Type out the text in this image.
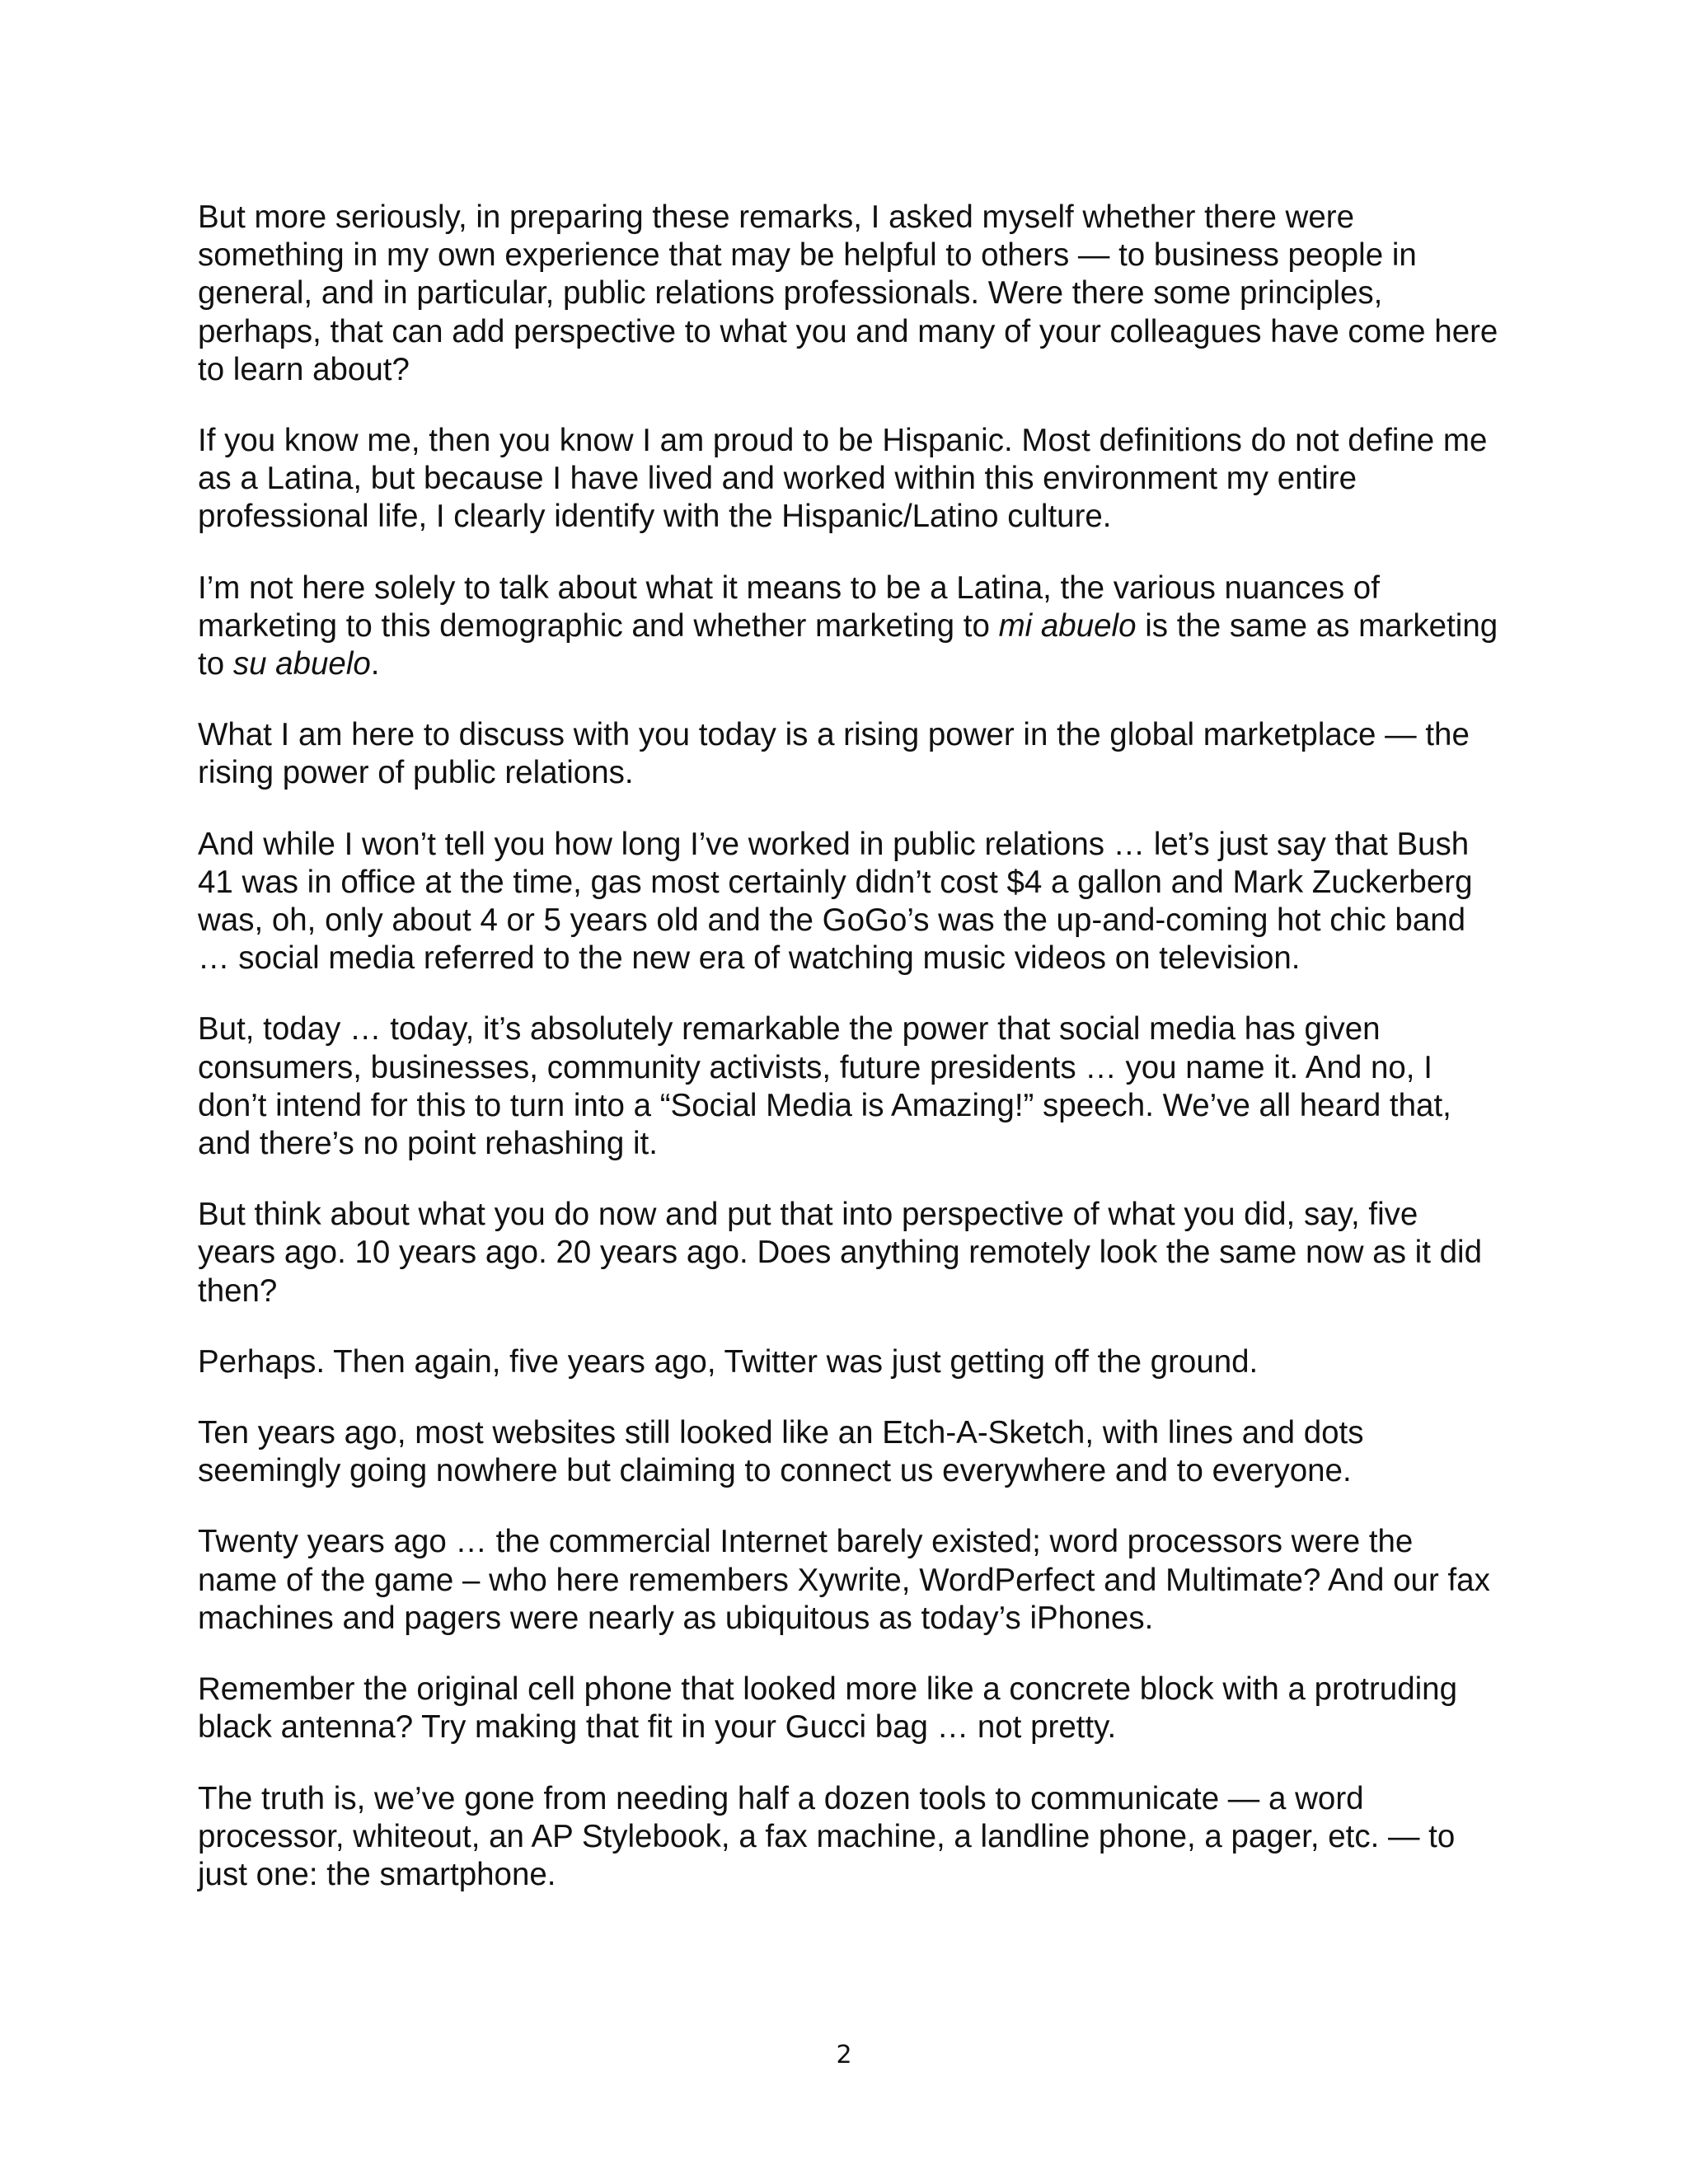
But more seriously, in preparing these remarks, I asked myself whether there were something in my own experience that may be helpful to others — to business people in general, and in particular, public relations professionals. Were there some principles, perhaps, that can add perspective to what you and many of your colleagues have come here to learn about?

If you know me, then you know I am proud to be Hispanic. Most definitions do not define me as a Latina, but because I have lived and worked within this environment my entire professional life, I clearly identify with the Hispanic/Latino culture.

I’m not here solely to talk about what it means to be a Latina, the various nuances of marketing to this demographic and whether marketing to mi abuelo is the same as marketing to su abuelo.

What I am here to discuss with you today is a rising power in the global marketplace — the rising power of public relations.

And while I won’t tell you how long I’ve worked in public relations … let’s just say that Bush 41 was in office at the time, gas most certainly didn’t cost $4 a gallon and Mark Zuckerberg was, oh, only about 4 or 5 years old and the GoGo’s was the up-and-coming hot chic band … social media referred to the new era of watching music videos on television.

But, today … today, it’s absolutely remarkable the power that social media has given consumers, businesses, community activists, future presidents … you name it. And no, I don’t intend for this to turn into a “Social Media is Amazing!” speech. We’ve all heard that, and there’s no point rehashing it.

But think about what you do now and put that into perspective of what you did, say, five years ago. 10 years ago. 20 years ago. Does anything remotely look the same now as it did then?

Perhaps. Then again, five years ago, Twitter was just getting off the ground.

Ten years ago, most websites still looked like an Etch-A-Sketch, with lines and dots seemingly going nowhere but claiming to connect us everywhere and to everyone.

Twenty years ago … the commercial Internet barely existed; word processors were the name of the game – who here remembers Xywrite, WordPerfect and Multimate? And our fax machines and pagers were nearly as ubiquitous as today’s iPhones.

Remember the original cell phone that looked more like a concrete block with a protruding black antenna? Try making that fit in your Gucci bag … not pretty.

The truth is, we’ve gone from needing half a dozen tools to communicate — a word processor, whiteout, an AP Stylebook, a fax machine, a landline phone, a pager, etc. — to just one: the smartphone.

2
